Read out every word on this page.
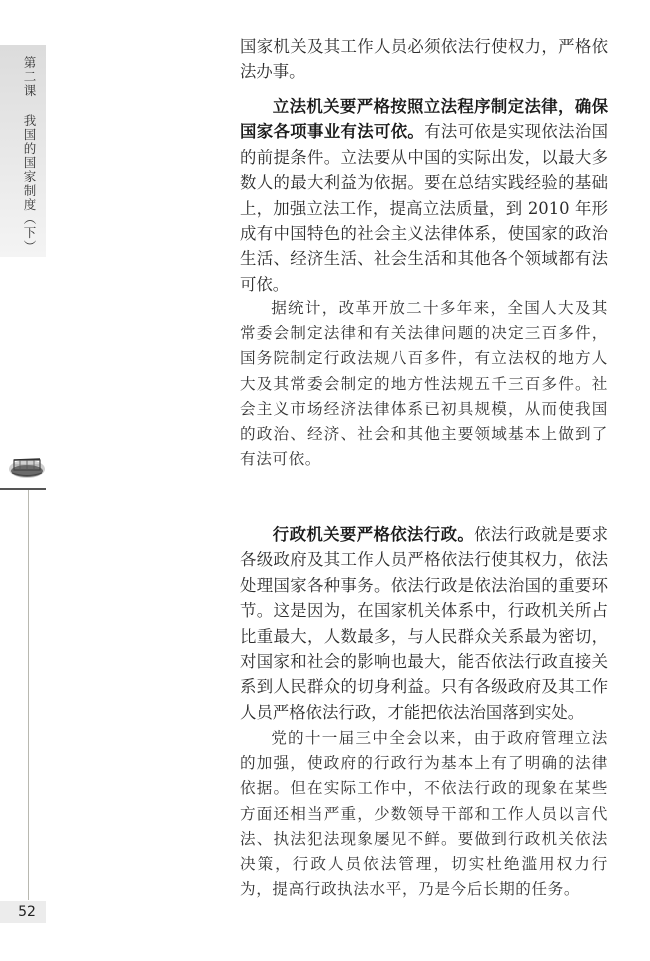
第二课我国的国家制度（下）
52

国家机关及其工作人员必须依法行使权力，严格依法办事。

立法机关要严格按照立法程序制定法律，确保国家各项事业有法可依。有法可依是实现依法治国的前提条件。立法要从中国的实际出发，以最大多数人的最大利益为依据。要在总结实践经验的基础上，加强立法工作，提高立法质量，到 2010 年形成有中国特色的社会主义法律体系，使国家的政治生活、经济生活、社会生活和其他各个领域都有法可依。

据统计，改革开放二十多年来，全国人大及其常委会制定法律和有关法律问题的决定三百多件，国务院制定行政法规八百多件，有立法权的地方人大及其常委会制定的地方性法规五千三百多件。社会主义市场经济法律体系已初具规模，从而使我国的政治、经济、社会和其他主要领域基本上做到了有法可依。

行政机关要严格依法行政。依法行政就是要求各级政府及其工作人员严格依法行使其权力，依法处理国家各种事务。依法行政是依法治国的重要环节。这是因为，在国家机关体系中，行政机关所占比重最大，人数最多，与人民群众关系最为密切，对国家和社会的影响也最大，能否依法行政直接关系到人民群众的切身利益。只有各级政府及其工作人员严格依法行政，才能把依法治国落到实处。

党的十一届三中全会以来，由于政府管理立法的加强，使政府的行政行为基本上有了明确的法律依据。但在实际工作中，不依法行政的现象在某些方面还相当严重，少数领导干部和工作人员以言代法、执法犯法现象屡见不鲜。要做到行政机关依法决策，行政人员依法管理，切实杜绝滥用权力行为，提高行政执法水平，乃是今后长期的任务。
